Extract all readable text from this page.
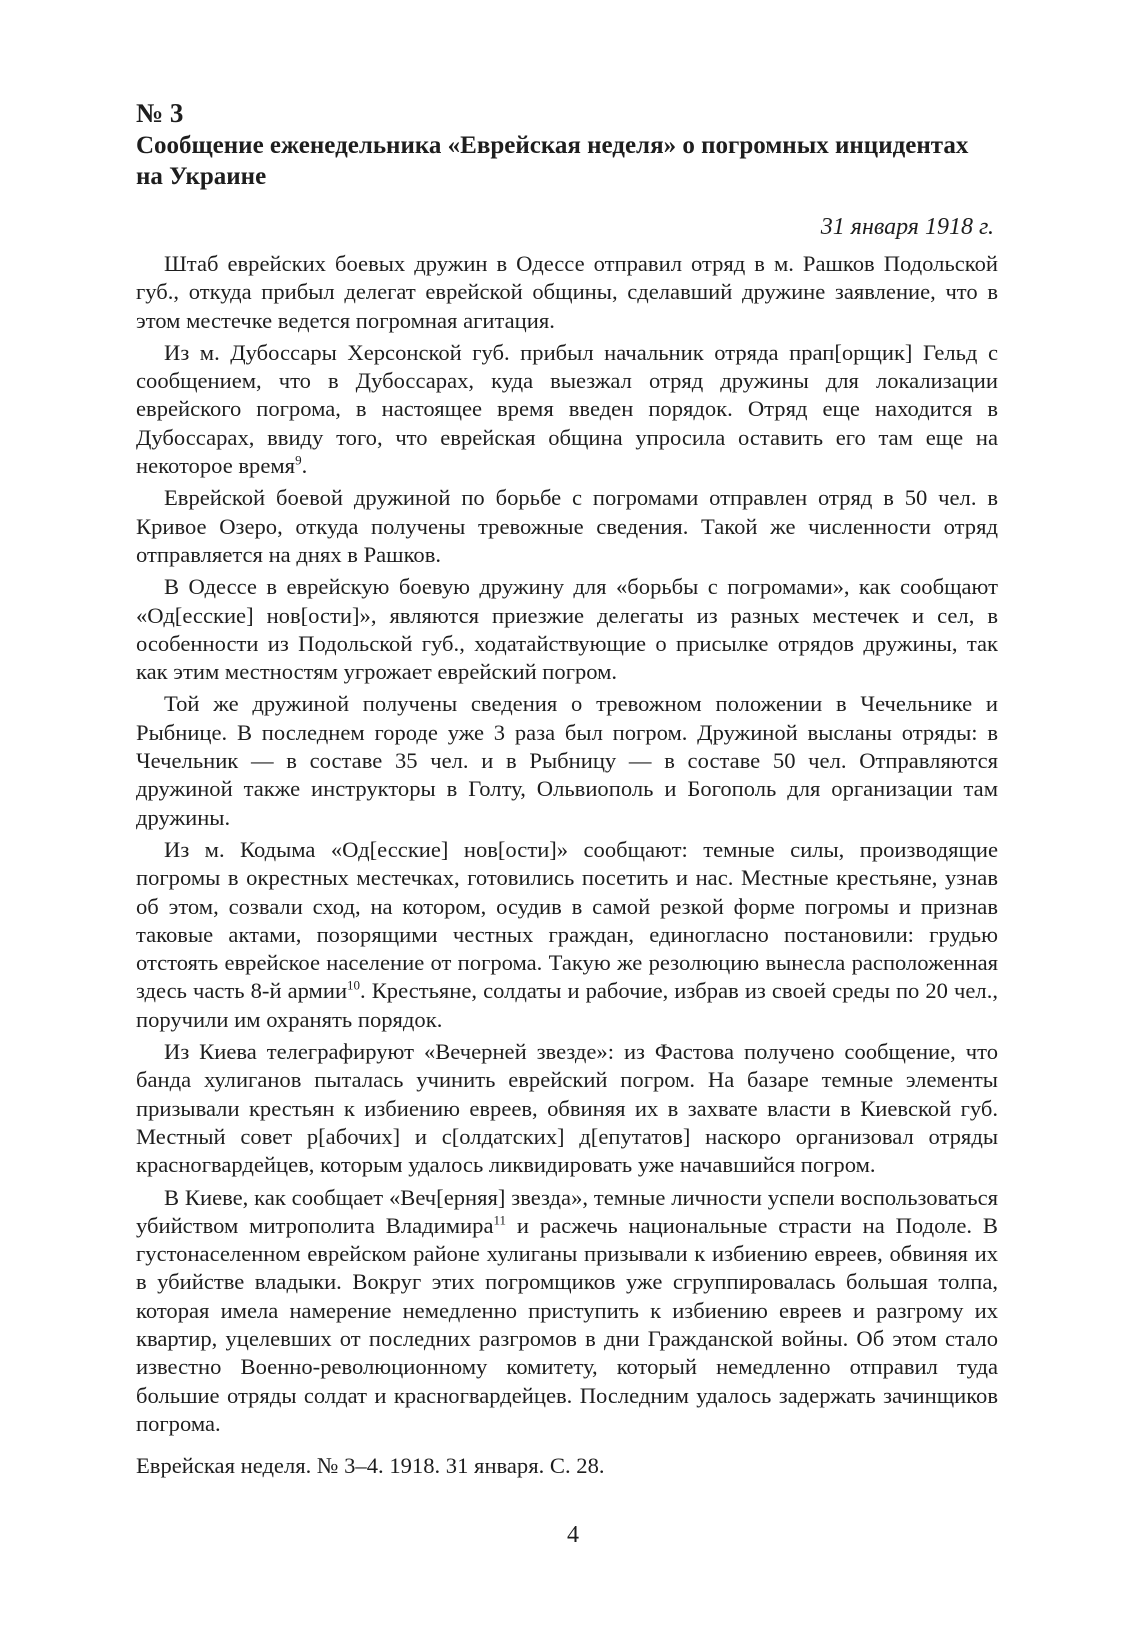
№ 3
Сообщение еженедельника «Еврейская неделя» о погромных инцидентах на Украине
31 января 1918 г.

Штаб еврейских боевых дружин в Одессе отправил отряд в м. Рашков Подольской губ., откуда прибыл делегат еврейской общины, сделавший дружине заявление, что в этом местечке ведется погромная агитация.

Из м. Дубоссары Херсонской губ. прибыл начальник отряда прап[орщик] Гельд с сообщением, что в Дубоссарах, куда выезжал отряд дружины для локализации еврейского погрома, в настоящее время введен порядок. Отряд еще находится в Дубоссарах, ввиду того, что еврейская община упросила оставить его там еще на некоторое время$^9$.

Еврейской боевой дружиной по борьбе с погромами отправлен отряд в 50 чел. в Кривое Озеро, откуда получены тревожные сведения. Такой же численности отряд отправляется на днях в Рашков.

В Одессе в еврейскую боевую дружину для «борьбы с погромами», как сообщают «Од[есские] нов[ости]», являются приезжие делегаты из разных местечек и сел, в особенности из Подольской губ., ходатайствующие о присылке отрядов дружины, так как этим местностям угрожает еврейский погром.

Той же дружиной получены сведения о тревожном положении в Чечельнике и Рыбнице. В последнем городе уже 3 раза был погром. Дружиной высланы отряды: в Чечельник — в составе 35 чел. и в Рыбницу — в составе 50 чел. Отправляются дружиной также инструкторы в Голту, Ольвиополь и Богополь для организации там дружины.

Из м. Кодыма «Од[есские] нов[ости]» сообщают: темные силы, производящие погромы в окрестных местечках, готовились посетить и нас. Местные крестьяне, узнав об этом, созвали сход, на котором, осудив в самой резкой форме погромы и признав таковые актами, позорящими честных граждан, единогласно постановили: грудью отстоять еврейское население от погрома. Такую же резолюцию вынесла расположенная здесь часть 8-й армии$^{10}$. Крестьяне, солдаты и рабочие, избрав из своей среды по 20 чел., поручили им охранять порядок.

Из Киева телеграфируют «Вечерней звезде»: из Фастова получено сообщение, что банда хулиганов пыталась учинить еврейский погром. На базаре темные элементы призывали крестьян к избиению евреев, обвиняя их в захвате власти в Киевской губ. Местный совет р[абочих] и с[олдатских] д[епутатов] наскоро организовал отряды красногвардейцев, которым удалось ликвидировать уже начавшийся погром.

В Киеве, как сообщает «Веч[ерняя] звезда», темные личности успели воспользоваться убийством митрополита Владимира$^{11}$ и расжечь национальные страсти на Подоле. В густонаселенном еврейском районе хулиганы призывали к избиению евреев, обвиняя их в убийстве владыки. Вокруг этих погромщиков уже сгруппировалась большая толпа, которая имела намерение немедленно приступить к избиению евреев и разгрому их квартир, уцелевших от последних разгромов в дни Гражданской войны. Об этом стало известно Военно-революционному комитету, который немедленно отправил туда большие отряды солдат и красногвардейцев. Последним удалось задержать зачинщиков погрома.

Еврейская неделя. № 3–4. 1918. 31 января. С. 28.

4
